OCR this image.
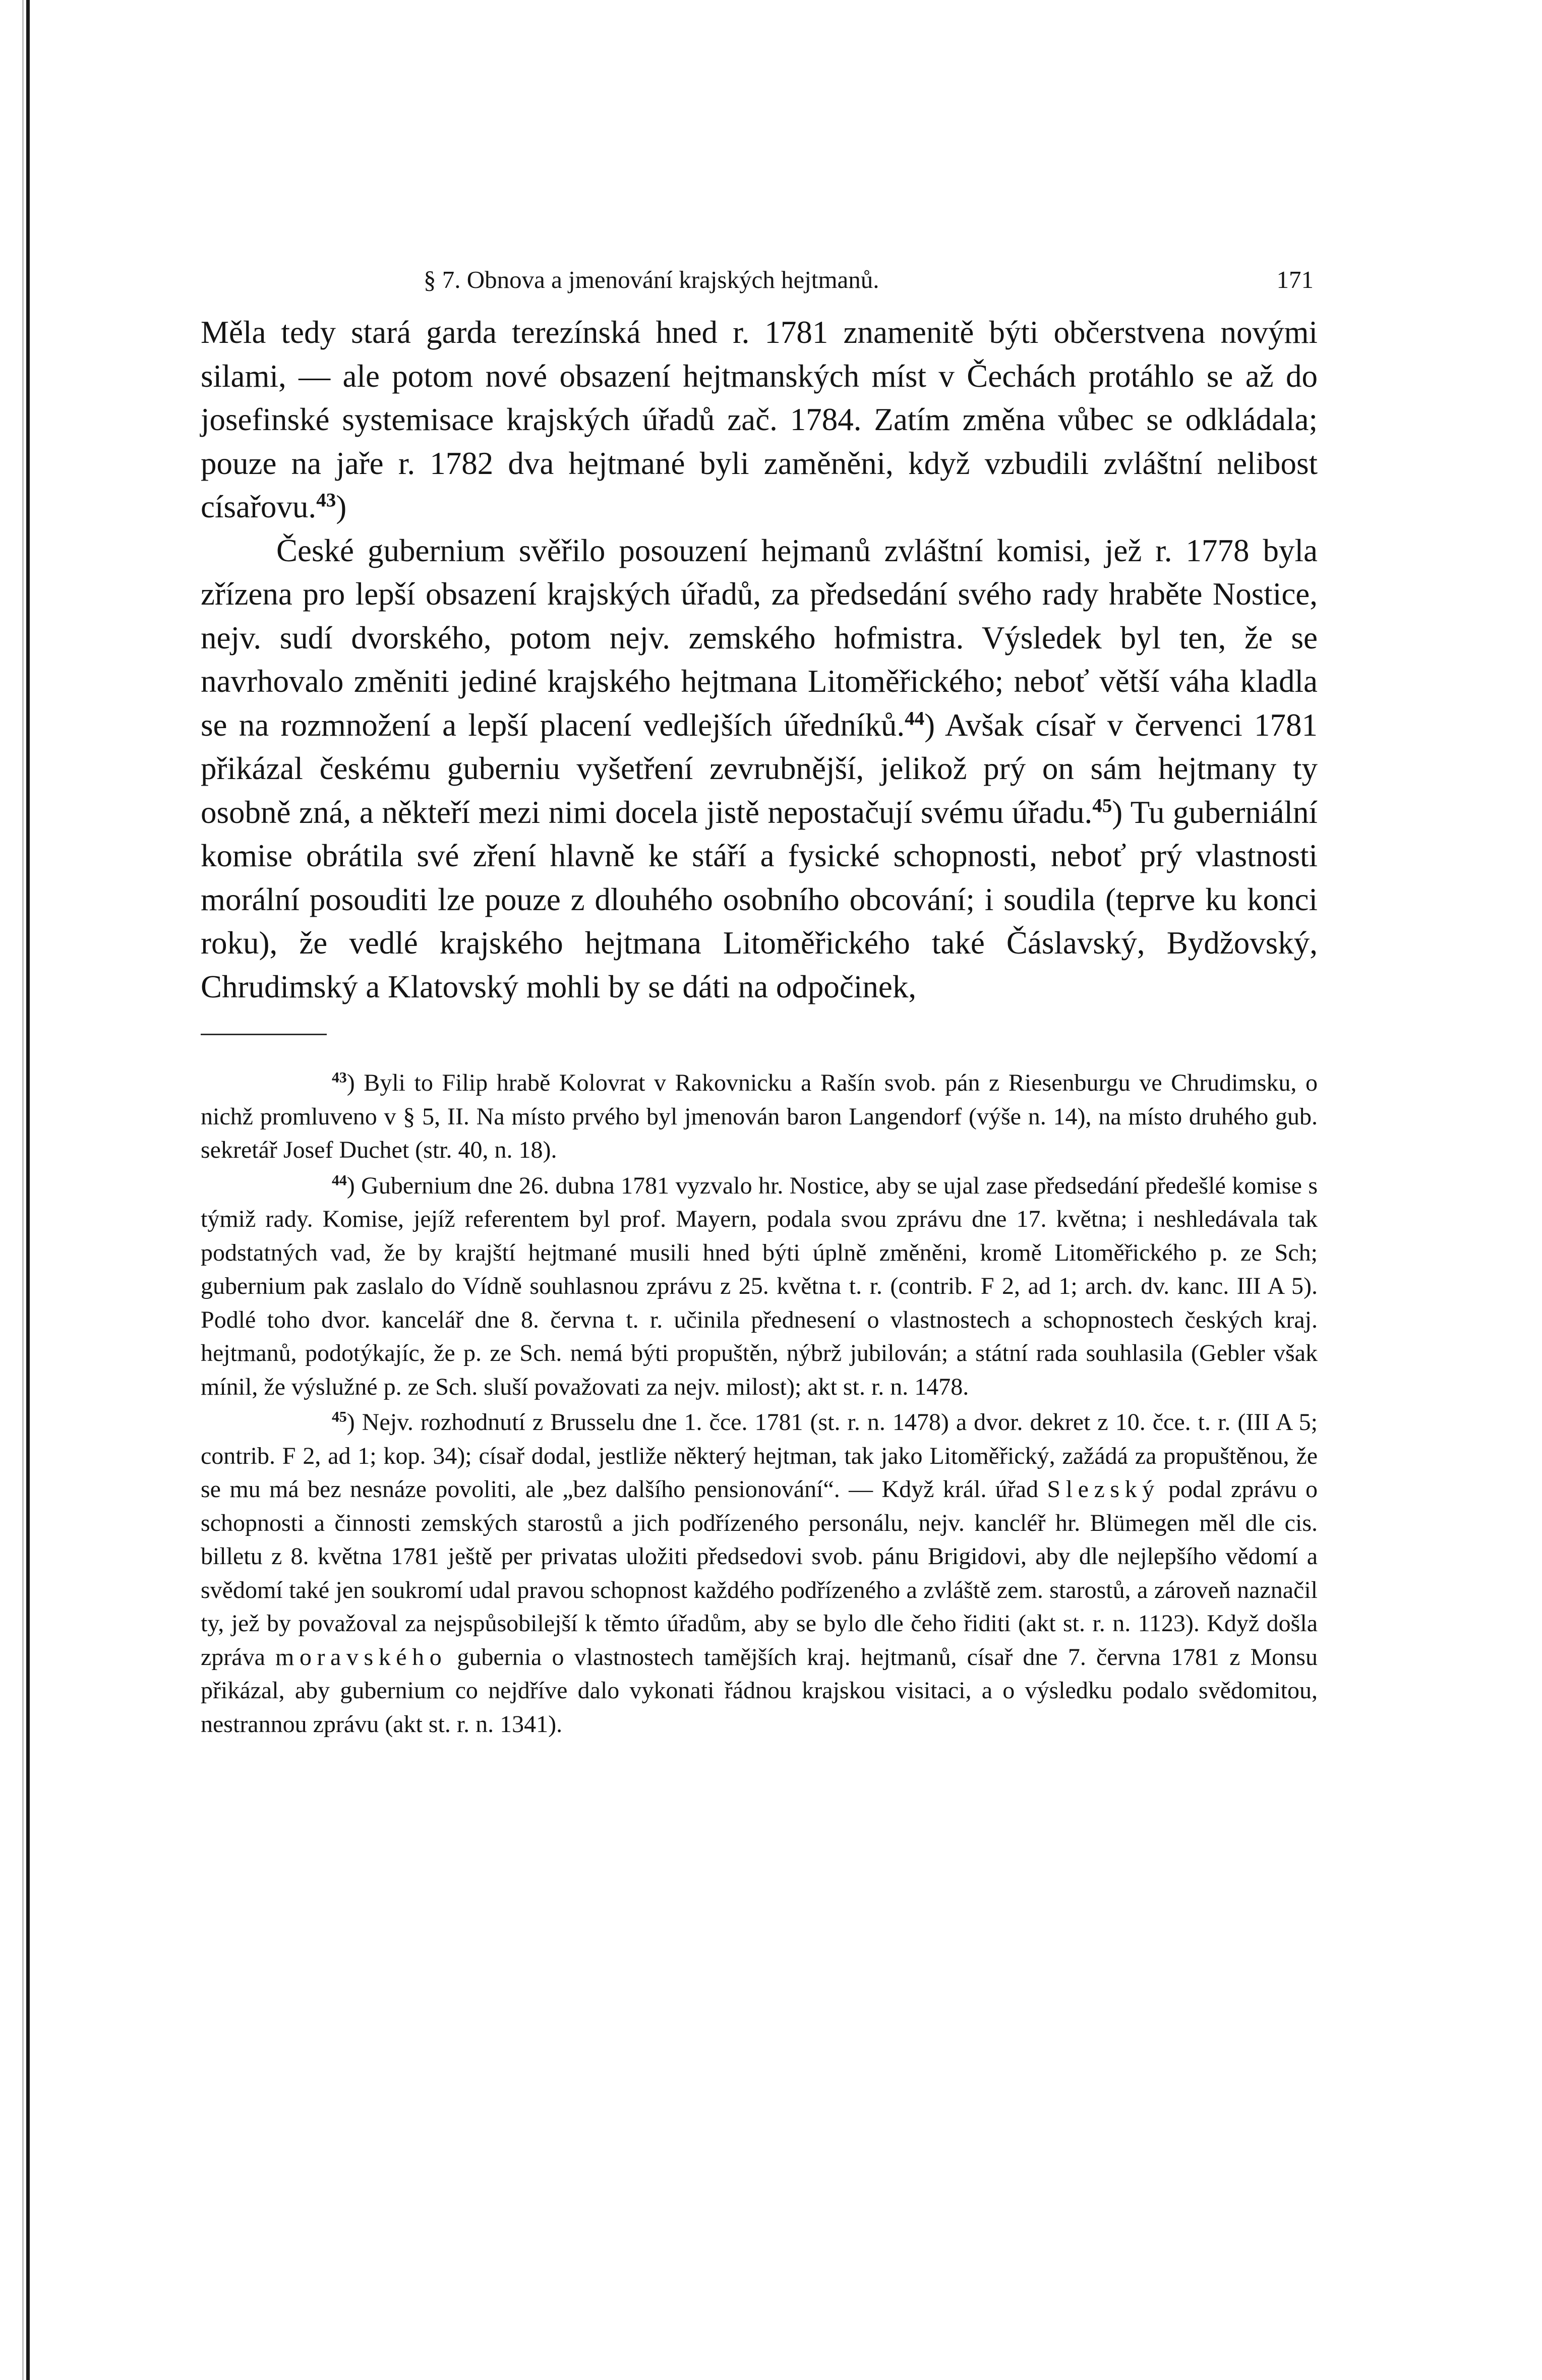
§ 7. Obnova a jmenování krajských hejtmanů.	171

Měla tedy stará garda terezínská hned r. 1781 znamenitě býti občerstvena novými silami, — ale potom nové obsazení hejtmanských míst v Čechách protáhlo se až do josefinské systemisace krajských úřadů zač. 1784. Zatím změna vůbec se odkládala; pouze na jaře r. 1782 dva hejtmané byli zaměněni, když vzbudili zvláštní nelibost císařovu.$^{43}$)

České gubernium svěřilo posouzení hejmanů zvláštní komisi, jež r. 1778 byla zřízena pro lepší obsazení krajských úřadů, za předsedání svého rady hraběte Nostice, nejv. sudí dvorského, potom nejv. zemského hofmistra. Výsledek byl ten, že se navrhovalo změniti jediné krajského hejtmana Litoměřického; neboť větší váha kladla se na rozmnožení a lepší placení vedlejších úředníků.$^{44}$) Avšak císař v červenci 1781 přikázal českému guberniu vyšetření zevrubnější, jelikož prý on sám hejtmany ty osobně zná, a někteří mezi nimi docela jistě nepostačují svému úřadu.$^{45}$) Tu guberniální komise obrátila své zření hlavně ke stáří a fysické schopnosti, neboť prý vlastnosti morální posouditi lze pouze z dlouhého osobního obcování; i soudila (teprve ku konci roku), že vedlé krajského hejtmana Litoměřického také Čáslavský, Bydžovský, Chrudimský a Klatovský mohli by se dáti na odpočinek,

$^{43}$) Byli to Filip hrabě Kolovrat v Rakovnicku a Rašín svob. pán z Riesenburgu ve Chrudimsku, o nichž promluveno v § 5, II. Na místo prvého byl jmenován baron Langendorf (výše n. 14), na místo druhého gub. sekretář Josef Duchet (str. 40, n. 18).

$^{44}$) Gubernium dne 26. dubna 1781 vyzvalo hr. Nostice, aby se ujal zase předsedání předešlé komise s týmiž rady. Komise, jejíž referentem byl prof. Mayern, podala svou zprávu dne 17. května; i neshledávala tak podstatných vad, že by krajští hejtmané musili hned býti úplně změněni, kromě Litoměřického p. ze Sch; gubernium pak zaslalo do Vídně souhlasnou zprávu z 25. května t. r. (contrib. F 2, ad 1; arch. dv. kanc. III A 5). Podlé toho dvor. kancelář dne 8. června t. r. učinila přednesení o vlastnostech a schopnostech českých kraj. hejtmanů, podotýkajíc, že p. ze Sch. nemá býti propuštěn, nýbrž jubilován; a státní rada souhlasila (Gebler však mínil, že výslužné p. ze Sch. sluší považovati za nejv. milost); akt st. r. n. 1478.

$^{45}$) Nejv. rozhodnutí z Brusselu dne 1. čce. 1781 (st. r. n. 1478) a dvor. dekret z 10. čce. t. r. (III A 5; contrib. F 2, ad 1; kop. 34); císař dodal, jestliže některý hejtman, tak jako Litoměřický, zažádá za propuštěnou, že se mu má bez nesnáze povoliti, ale „bez dalšího pensionování“. — Když král. úřad Slezský podal zprávu o schopnosti a činnosti zemských starostů a jich podřízeného personálu, nejv. kancléř hr. Blümegen měl dle cis. billetu z 8. května 1781 ještě per privatas uložiti předsedovi svob. pánu Brigidovi, aby dle nejlepšího vědomí a svědomí také jen soukromí udal pravou schopnost každého podřízeného a zvláště zem. starostů, a zároveň naznačil ty, jež by považoval za nejspůsobilejší k těmto úřadům, aby se bylo dle čeho řiditi (akt st. r. n. 1123). Když došla zpráva moravského gubernia o vlastnostech tamějších kraj. hejtmanů, císař dne 7. června 1781 z Monsu přikázal, aby gubernium co nejdříve dalo vykonati řádnou krajskou visitaci, a o výsledku podalo svědomitou, nestrannou zprávu (akt st. r. n. 1341).
